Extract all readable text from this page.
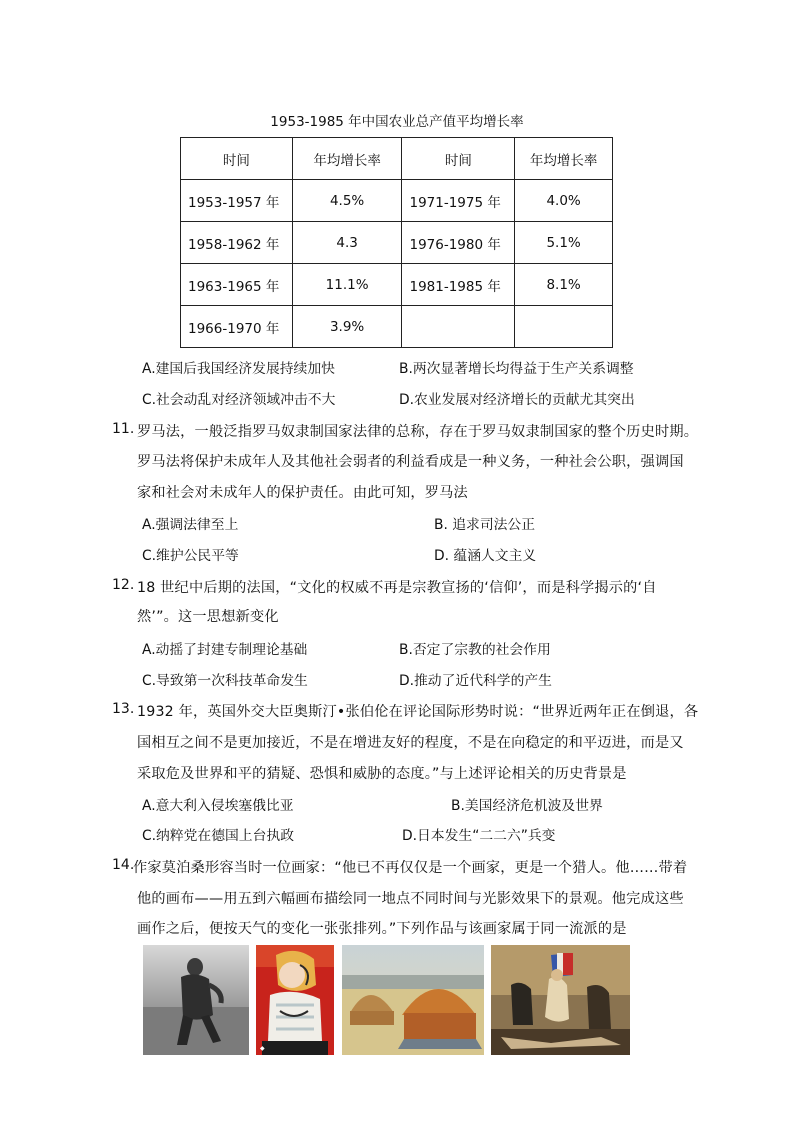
1953-1985 年中国农业总产值平均增长率
时间	年均增长率	时间	年均增长率
1953-1957 年	4.5%	1971-1975 年	4.0%
1958-1962 年	4.3	1976-1980 年	5.1%
1963-1965 年	11.1%	1981-1985 年	8.1%
1966-1970 年	3.9%		
A.建国后我国经济发展持续加快	B.两次显著增长均得益于生产关系调整
C.社会动乱对经济领域冲击不大	D.农业发展对经济增长的贡献尤其突出
11. 罗马法，一般泛指罗马奴隶制国家法律的总称，存在于罗马奴隶制国家的整个历史时期。
罗马法将保护未成年人及其他社会弱者的利益看成是一种义务，一种社会公职，强调国
家和社会对未成年人的保护责任。由此可知，罗马法
A.强调法律至上	B. 追求司法公正
C.维护公民平等	D. 蕴涵人文主义
12. 18 世纪中后期的法国，“文化的权威不再是宗教宣扬的‘信仰’，而是科学揭示的‘自
然’”。这一思想新变化
A.动摇了封建专制理论基础	B.否定了宗教的社会作用
C.导致第一次科技革命发生	D.推动了近代科学的产生
13. 1932 年，英国外交大臣奥斯汀•张伯伦在评论国际形势时说：“世界近两年正在倒退，各
国相互之间不是更加接近，不是在增进友好的程度，不是在向稳定的和平迈进，而是又
采取危及世界和平的猜疑、恐惧和威胁的态度。”与上述评论相关的历史背景是
A.意大利入侵埃塞俄比亚	B.美国经济危机波及世界
C.纳粹党在德国上台执政	D.日本发生“二二六”兵变
14.
作家莫泊桑形容当时一位画家：“他已不再仅仅是一个画家，更是一个猎人。他……带着
他的画布——用五到六幅画布描绘同一地点不同时间与光影效果下的景观。他完成这些
画作之后，便按天气的变化一张张排列。”下列作品与该画家属于同一流派的是
◆
